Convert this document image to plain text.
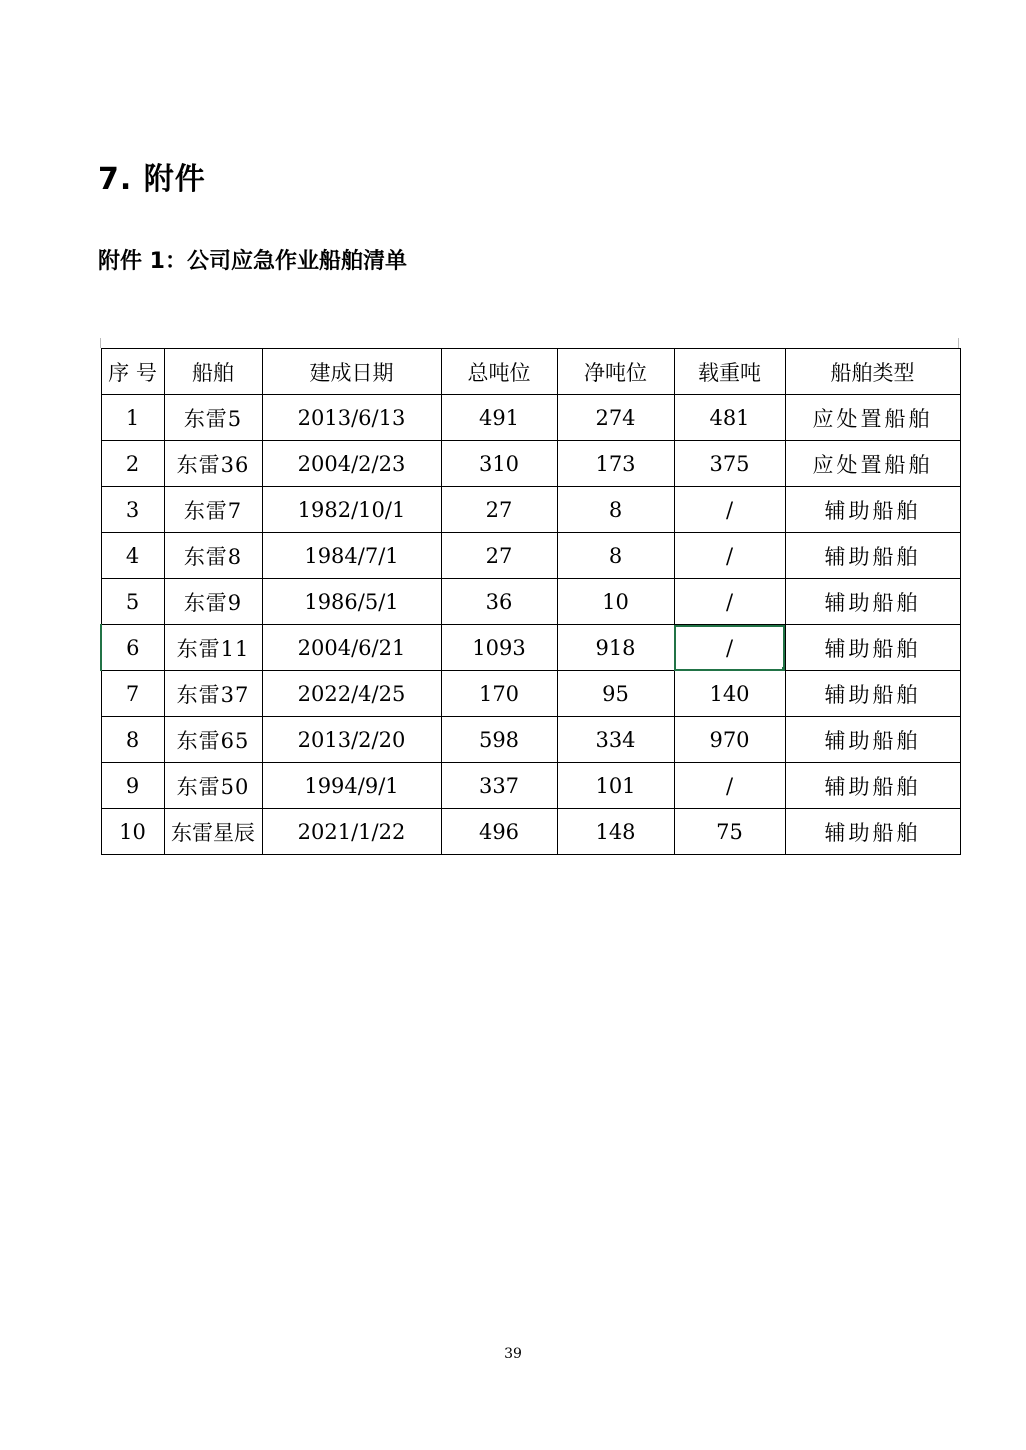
7. 附件
附件 1：公司应急作业船舶清单
序 号	船舶	建成日期	总吨位	净吨位	载重吨	船舶类型
1	东雷5	2013/6/13	491	274	481	应处置船舶
2	东雷36	2004/2/23	310	173	375	应处置船舶
3	东雷7	1982/10/1	27	8	/	辅助船舶
4	东雷8	1984/7/1	27	8	/	辅助船舶
5	东雷9	1986/5/1	36	10	/	辅助船舶
6	东雷11	2004/6/21	1093	918	/	辅助船舶
7	东雷37	2022/4/25	170	95	140	辅助船舶
8	东雷65	2013/2/20	598	334	970	辅助船舶
9	东雷50	1994/9/1	337	101	/	辅助船舶
10	东雷星辰	2021/1/22	496	148	75	辅助船舶
39
